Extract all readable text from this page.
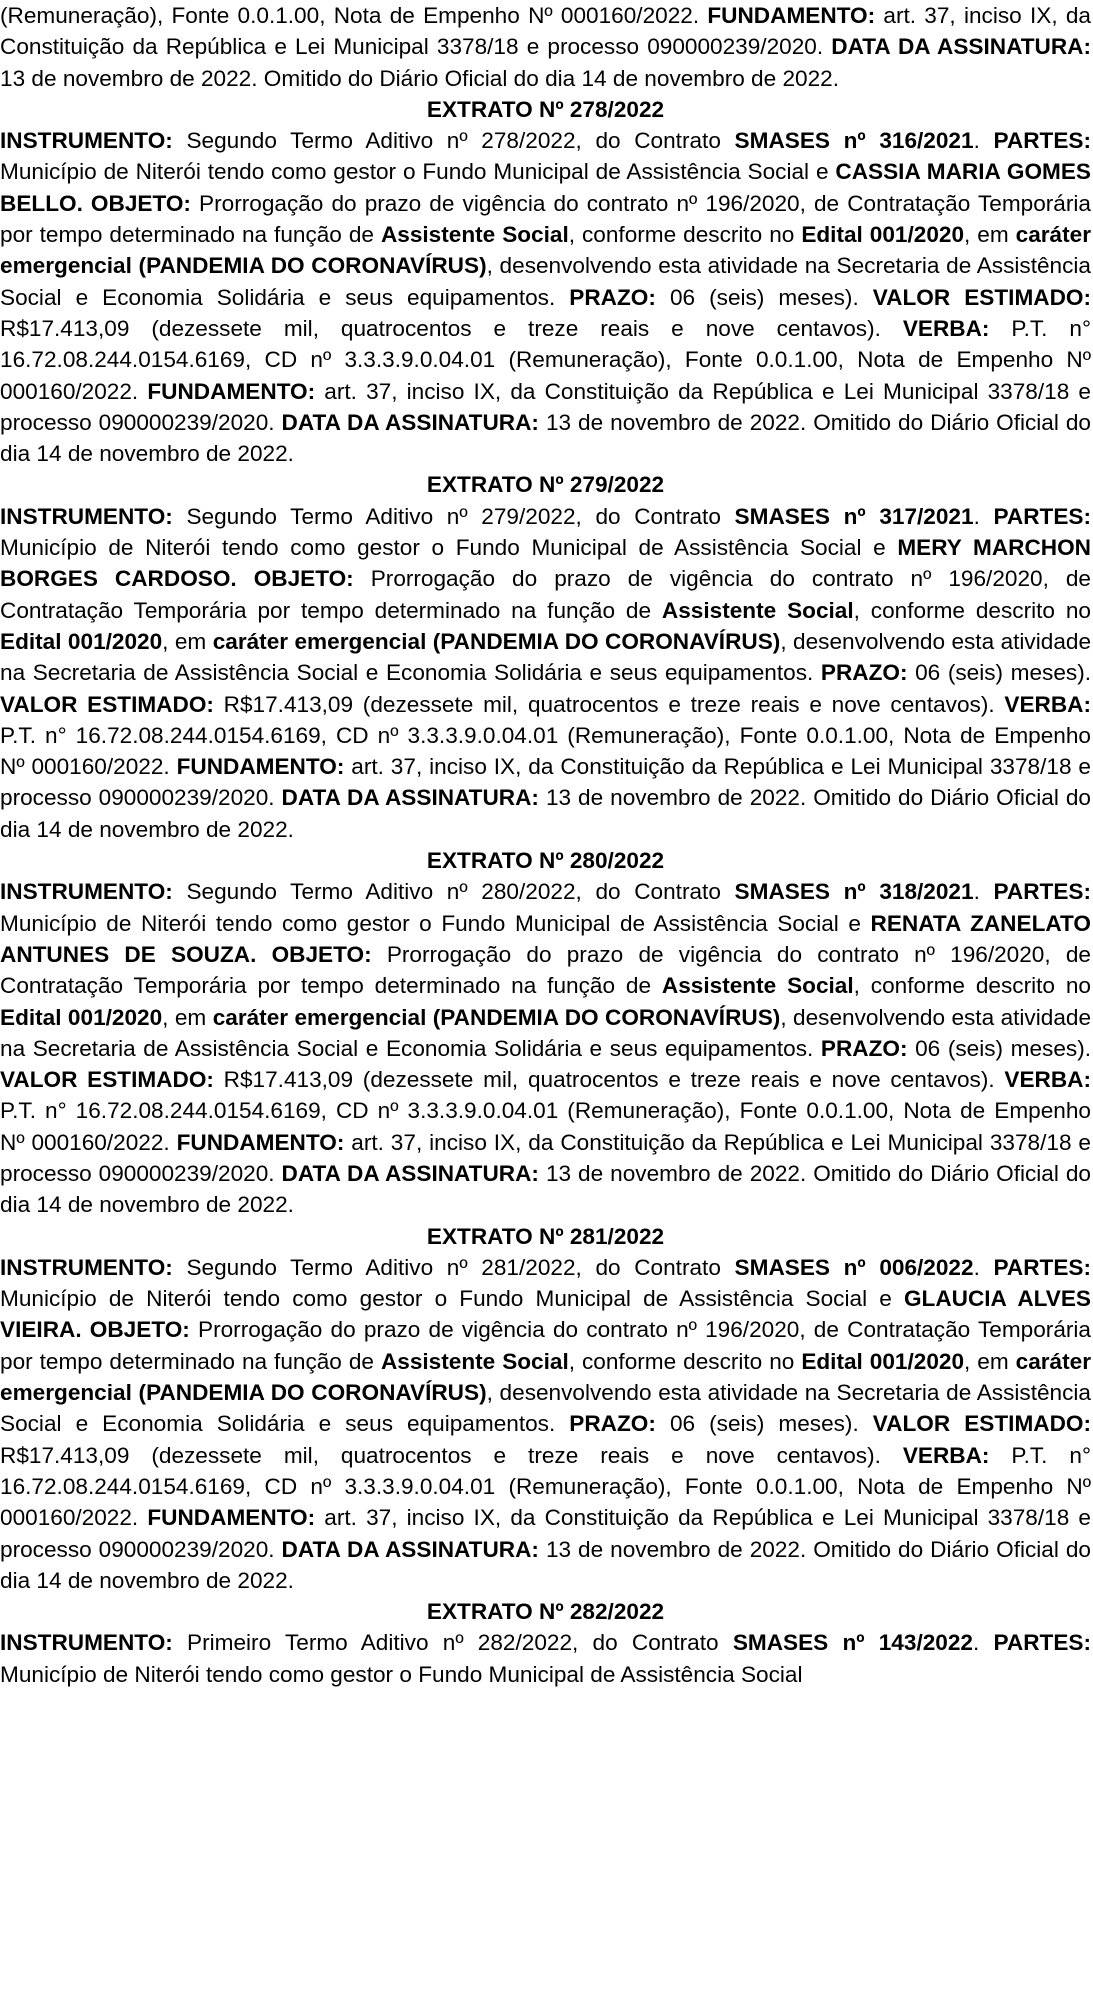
(Remuneração), Fonte 0.0.1.00, Nota de Empenho Nº 000160/2022. FUNDAMENTO: art. 37, inciso IX, da Constituição da República e Lei Municipal 3378/18 e processo 090000239/2020. DATA DA ASSINATURA: 13 de novembro de 2022. Omitido do Diário Oficial do dia 14 de novembro de 2022.

EXTRATO Nº 278/2022

INSTRUMENTO: Segundo Termo Aditivo nº 278/2022, do Contrato SMASES nº 316/2021. PARTES: Município de Niterói tendo como gestor o Fundo Municipal de Assistência Social e CASSIA MARIA GOMES BELLO. OBJETO: Prorrogação do prazo de vigência do contrato nº 196/2020, de Contratação Temporária por tempo determinado na função de Assistente Social, conforme descrito no Edital 001/2020, em caráter emergencial (PANDEMIA DO CORONAVÍRUS), desenvolvendo esta atividade na Secretaria de Assistência Social e Economia Solidária e seus equipamentos. PRAZO: 06 (seis) meses). VALOR ESTIMADO: R$17.413,09 (dezessete mil, quatrocentos e treze reais e nove centavos). VERBA: P.T. n° 16.72.08.244.0154.6169, CD nº 3.3.3.9.0.04.01 (Remuneração), Fonte 0.0.1.00, Nota de Empenho Nº 000160/2022. FUNDAMENTO: art. 37, inciso IX, da Constituição da República e Lei Municipal 3378/18 e processo 090000239/2020. DATA DA ASSINATURA: 13 de novembro de 2022. Omitido do Diário Oficial do dia 14 de novembro de 2022.

EXTRATO Nº 279/2022

INSTRUMENTO: Segundo Termo Aditivo nº 279/2022, do Contrato SMASES nº 317/2021. PARTES: Município de Niterói tendo como gestor o Fundo Municipal de Assistência Social e MERY MARCHON BORGES CARDOSO. OBJETO: Prorrogação do prazo de vigência do contrato nº 196/2020, de Contratação Temporária por tempo determinado na função de Assistente Social, conforme descrito no Edital 001/2020, em caráter emergencial (PANDEMIA DO CORONAVÍRUS), desenvolvendo esta atividade na Secretaria de Assistência Social e Economia Solidária e seus equipamentos. PRAZO: 06 (seis) meses). VALOR ESTIMADO: R$17.413,09 (dezessete mil, quatrocentos e treze reais e nove centavos). VERBA: P.T. n° 16.72.08.244.0154.6169, CD nº 3.3.3.9.0.04.01 (Remuneração), Fonte 0.0.1.00, Nota de Empenho Nº 000160/2022. FUNDAMENTO: art. 37, inciso IX, da Constituição da República e Lei Municipal 3378/18 e processo 090000239/2020. DATA DA ASSINATURA: 13 de novembro de 2022. Omitido do Diário Oficial do dia 14 de novembro de 2022.

EXTRATO Nº 280/2022

INSTRUMENTO: Segundo Termo Aditivo nº 280/2022, do Contrato SMASES nº 318/2021. PARTES: Município de Niterói tendo como gestor o Fundo Municipal de Assistência Social e RENATA ZANELATO ANTUNES DE SOUZA. OBJETO: Prorrogação do prazo de vigência do contrato nº 196/2020, de Contratação Temporária por tempo determinado na função de Assistente Social, conforme descrito no Edital 001/2020, em caráter emergencial (PANDEMIA DO CORONAVÍRUS), desenvolvendo esta atividade na Secretaria de Assistência Social e Economia Solidária e seus equipamentos. PRAZO: 06 (seis) meses). VALOR ESTIMADO: R$17.413,09 (dezessete mil, quatrocentos e treze reais e nove centavos). VERBA: P.T. n° 16.72.08.244.0154.6169, CD nº 3.3.3.9.0.04.01 (Remuneração), Fonte 0.0.1.00, Nota de Empenho Nº 000160/2022. FUNDAMENTO: art. 37, inciso IX, da Constituição da República e Lei Municipal 3378/18 e processo 090000239/2020. DATA DA ASSINATURA: 13 de novembro de 2022. Omitido do Diário Oficial do dia 14 de novembro de 2022.

EXTRATO Nº 281/2022

INSTRUMENTO: Segundo Termo Aditivo nº 281/2022, do Contrato SMASES nº 006/2022. PARTES: Município de Niterói tendo como gestor o Fundo Municipal de Assistência Social e GLAUCIA ALVES VIEIRA. OBJETO: Prorrogação do prazo de vigência do contrato nº 196/2020, de Contratação Temporária por tempo determinado na função de Assistente Social, conforme descrito no Edital 001/2020, em caráter emergencial (PANDEMIA DO CORONAVÍRUS), desenvolvendo esta atividade na Secretaria de Assistência Social e Economia Solidária e seus equipamentos. PRAZO: 06 (seis) meses). VALOR ESTIMADO: R$17.413,09 (dezessete mil, quatrocentos e treze reais e nove centavos). VERBA: P.T. n° 16.72.08.244.0154.6169, CD nº 3.3.3.9.0.04.01 (Remuneração), Fonte 0.0.1.00, Nota de Empenho Nº 000160/2022. FUNDAMENTO: art. 37, inciso IX, da Constituição da República e Lei Municipal 3378/18 e processo 090000239/2020. DATA DA ASSINATURA: 13 de novembro de 2022. Omitido do Diário Oficial do dia 14 de novembro de 2022.

EXTRATO Nº 282/2022

INSTRUMENTO: Primeiro Termo Aditivo nº 282/2022, do Contrato SMASES nº 143/2022. PARTES: Município de Niterói tendo como gestor o Fundo Municipal de Assistência Social
